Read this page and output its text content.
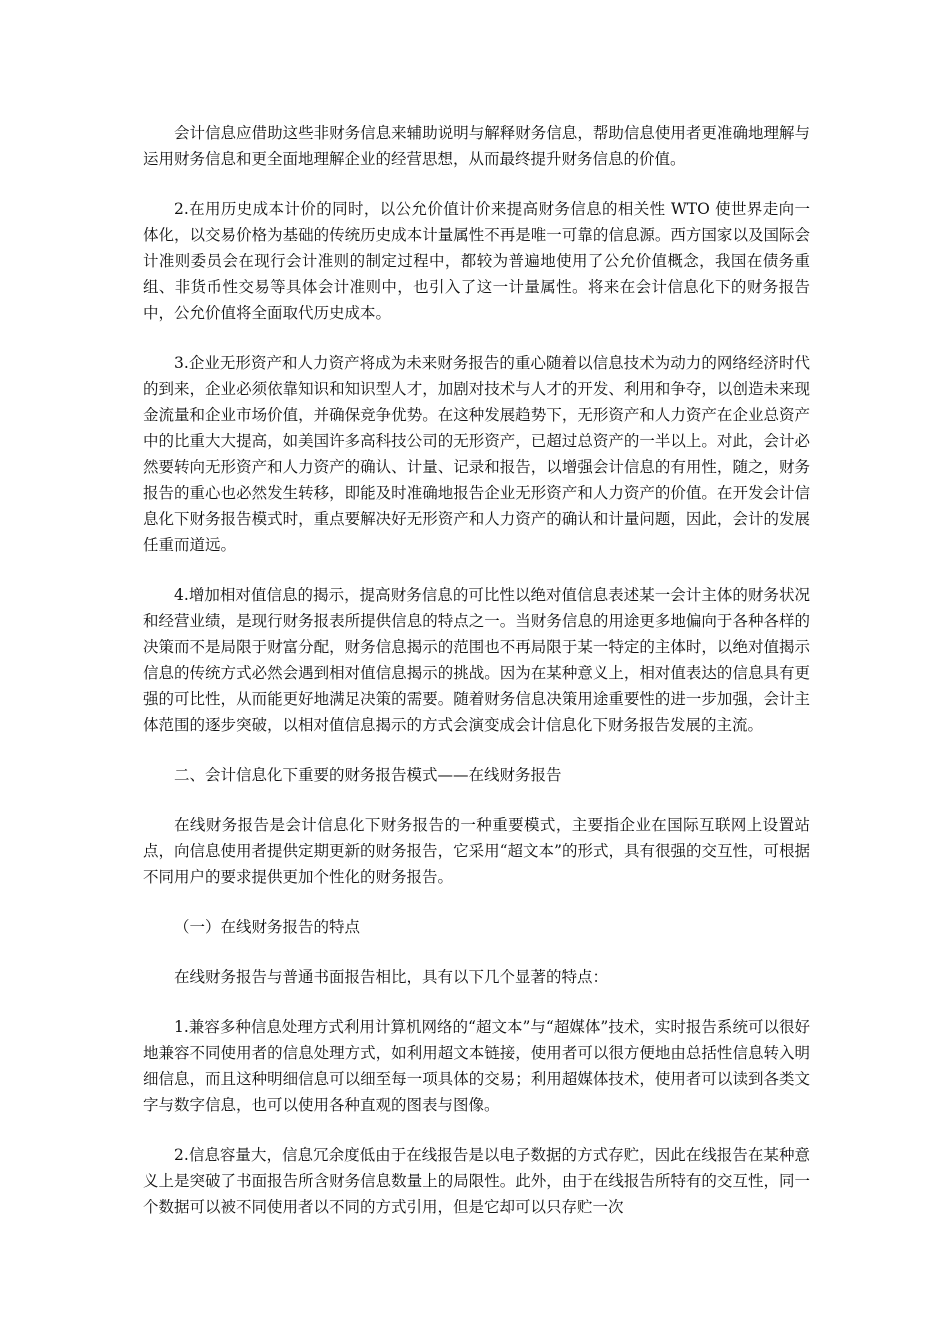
会计信息应借助这些非财务信息来辅助说明与解释财务信息，帮助信息使用者更准确地理解与运用财务信息和更全面地理解企业的经营思想，从而最终提升财务信息的价值。

2.在用历史成本计价的同时，以公允价值计价来提高财务信息的相关性 WTO 使世界走向一体化，以交易价格为基础的传统历史成本计量属性不再是唯一可靠的信息源。西方国家以及国际会计准则委员会在现行会计准则的制定过程中，都较为普遍地使用了公允价值概念，我国在债务重组、非货币性交易等具体会计准则中，也引入了这一计量属性。将来在会计信息化下的财务报告中，公允价值将全面取代历史成本。

3.企业无形资产和人力资产将成为未来财务报告的重心随着以信息技术为动力的网络经济时代的到来，企业必须依靠知识和知识型人才，加剧对技术与人才的开发、利用和争夺，以创造未来现金流量和企业市场价值，并确保竞争优势。在这种发展趋势下，无形资产和人力资产在企业总资产中的比重大大提高，如美国许多高科技公司的无形资产，已超过总资产的一半以上。对此，会计必然要转向无形资产和人力资产的确认、计量、记录和报告，以增强会计信息的有用性，随之，财务报告的重心也必然发生转移，即能及时准确地报告企业无形资产和人力资产的价值。在开发会计信息化下财务报告模式时，重点要解决好无形资产和人力资产的确认和计量问题，因此，会计的发展任重而道远。

4.增加相对值信息的揭示，提高财务信息的可比性以绝对值信息表述某一会计主体的财务状况和经营业绩，是现行财务报表所提供信息的特点之一。当财务信息的用途更多地偏向于各种各样的决策而不是局限于财富分配，财务信息揭示的范围也不再局限于某一特定的主体时，以绝对值揭示信息的传统方式必然会遇到相对值信息揭示的挑战。因为在某种意义上，相对值表达的信息具有更强的可比性，从而能更好地满足决策的需要。随着财务信息决策用途重要性的进一步加强，会计主体范围的逐步突破，以相对值信息揭示的方式会演变成会计信息化下财务报告发展的主流。

二、会计信息化下重要的财务报告模式——在线财务报告

在线财务报告是会计信息化下财务报告的一种重要模式，主要指企业在国际互联网上设置站点，向信息使用者提供定期更新的财务报告，它采用“超文本”的形式，具有很强的交互性，可根据不同用户的要求提供更加个性化的财务报告。

（一）在线财务报告的特点

在线财务报告与普通书面报告相比，具有以下几个显著的特点：

1.兼容多种信息处理方式利用计算机网络的“超文本”与“超媒体”技术，实时报告系统可以很好地兼容不同使用者的信息处理方式，如利用超文本链接，使用者可以很方便地由总括性信息转入明细信息，而且这种明细信息可以细至每一项具体的交易；利用超媒体技术，使用者可以读到各类文字与数字信息，也可以使用各种直观的图表与图像。

2.信息容量大，信息冗余度低由于在线报告是以电子数据的方式存贮，因此在线报告在某种意义上是突破了书面报告所含财务信息数量上的局限性。此外，由于在线报告所特有的交互性，同一个数据可以被不同使用者以不同的方式引用，但是它却可以只存贮一次
